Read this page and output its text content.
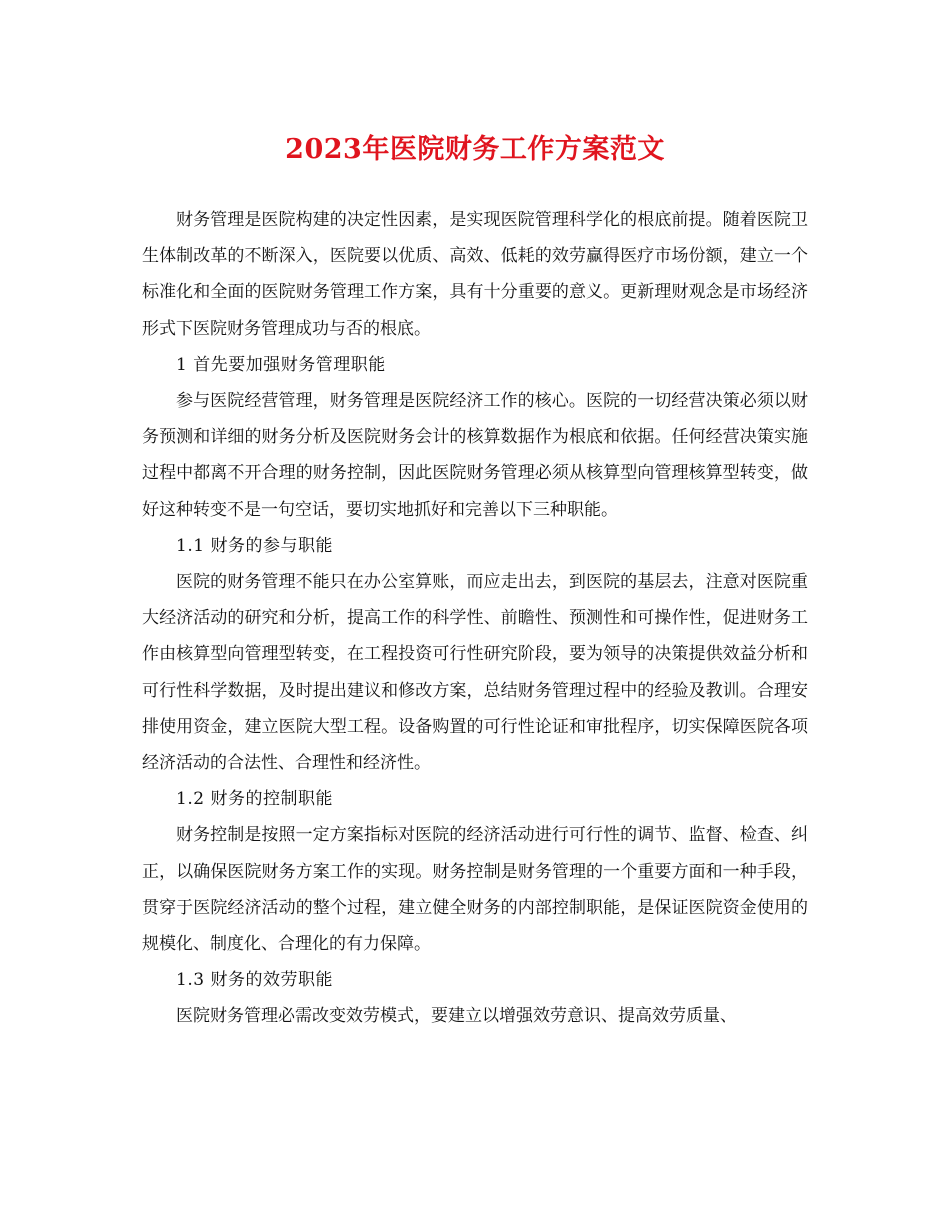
2023年医院财务工作方案范文

财务管理是医院构建的决定性因素，是实现医院管理科学化的根底前提。随着医院卫生体制改革的不断深入，医院要以优质、高效、低耗的效劳赢得医疗市场份额，建立一个标准化和全面的医院财务管理工作方案，具有十分重要的意义。更新理财观念是市场经济形式下医院财务管理成功与否的根底。

1 首先要加强财务管理职能

参与医院经营管理，财务管理是医院经济工作的核心。医院的一切经营决策必须以财务预测和详细的财务分析及医院财务会计的核算数据作为根底和依据。任何经营决策实施过程中都离不开合理的财务控制，因此医院财务管理必须从核算型向管理核算型转变，做好这种转变不是一句空话，要切实地抓好和完善以下三种职能。

1.1 财务的参与职能

医院的财务管理不能只在办公室算账，而应走出去，到医院的基层去，注意对医院重大经济活动的研究和分析，提高工作的科学性、前瞻性、预测性和可操作性，促进财务工作由核算型向管理型转变，在工程投资可行性研究阶段，要为领导的决策提供效益分析和可行性科学数据，及时提出建议和修改方案，总结财务管理过程中的经验及教训。合理安排使用资金，建立医院大型工程。设备购置的可行性论证和审批程序，切实保障医院各项经济活动的合法性、合理性和经济性。

1.2 财务的控制职能

财务控制是按照一定方案指标对医院的经济活动进行可行性的调节、监督、检查、纠正，以确保医院财务方案工作的实现。财务控制是财务管理的一个重要方面和一种手段，贯穿于医院经济活动的整个过程，建立健全财务的内部控制职能，是保证医院资金使用的规模化、制度化、合理化的有力保障。

1.3 财务的效劳职能

医院财务管理必需改变效劳模式，要建立以增强效劳意识、提高效劳质量、
